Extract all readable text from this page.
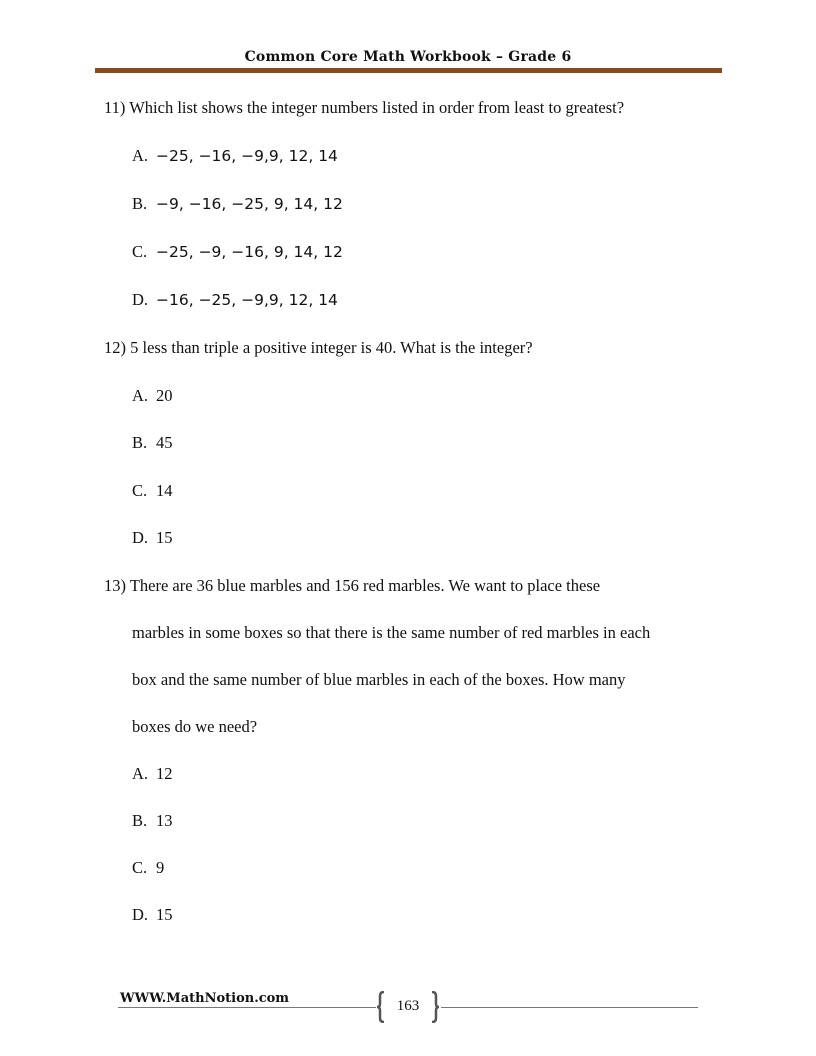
Common Core Math Workbook – Grade 6
11) Which list shows the integer numbers listed in order from least to greatest?
A. −25, −16, −9,9, 12, 14
B. −9, −16, −25, 9, 14, 12
C. −25, −9, −16, 9, 14, 12
D. −16, −25, −9,9, 12, 14
12) 5 less than triple a positive integer is 40. What is the integer?
A. 20
B. 45
C. 14
D. 15
13) There are 36 blue marbles and 156 red marbles. We want to place these
marbles in some boxes so that there is the same number of red marbles in each
box and the same number of blue marbles in each of the boxes. How many
boxes do we need?
A. 12
B. 13
C. 9
D. 15
WWW.MathNotion.com	163
